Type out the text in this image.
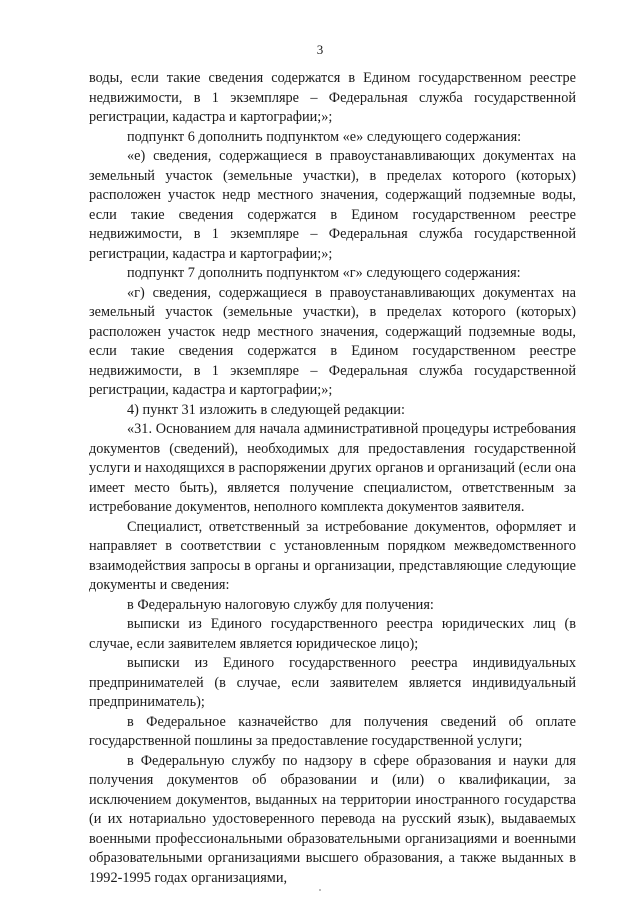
3

воды, если такие сведения содержатся в Едином государственном реестре недвижимости, в 1 экземпляре – Федеральная служба государственной регистрации, кадастра и картографии;»;

подпункт 6 дополнить подпунктом «е» следующего содержания:

«е) сведения, содержащиеся в правоустанавливающих документах на земельный участок (земельные участки), в пределах которого (которых) расположен участок недр местного значения, содержащий подземные воды, если такие сведения содержатся в Едином государственном реестре недвижимости, в 1 экземпляре – Федеральная служба государственной регистрации, кадастра и картографии;»;

подпункт 7 дополнить подпунктом «г» следующего содержания:

«г) сведения, содержащиеся в правоустанавливающих документах на земельный участок (земельные участки), в пределах которого (которых) расположен участок недр местного значения, содержащий подземные воды, если такие сведения содержатся в Едином государственном реестре недвижимости, в 1 экземпляре – Федеральная служба государственной регистрации, кадастра и картографии;»;

4) пункт 31 изложить в следующей редакции:

«31. Основанием для начала административной процедуры истребования документов (сведений), необходимых для предоставления государственной услуги и находящихся в распоряжении других органов и организаций (если она имеет место быть), является получение специалистом, ответственным за истребование документов, неполного комплекта документов заявителя.

Специалист, ответственный за истребование документов, оформляет и направляет в соответствии с установленным порядком межведомственного взаимодействия запросы в органы и организации, представляющие следующие документы и сведения:

в Федеральную налоговую службу для получения:

выписки из Единого государственного реестра юридических лиц (в случае, если заявителем является юридическое лицо);

выписки из Единого государственного реестра индивидуальных предпринимателей (в случае, если заявителем является индивидуальный предприниматель);

в Федеральное казначейство для получения сведений об оплате государственной пошлины за предоставление государственной услуги;

в Федеральную службу по надзору в сфере образования и науки для получения документов об образовании и (или) о квалификации, за исключением документов, выданных на территории иностранного государства (и их нотариально удостоверенного перевода на русский язык), выдаваемых военными профессиональными образовательными организациями и военными образовательными организациями высшего образования, а также выданных в 1992-1995 годах организациями,
